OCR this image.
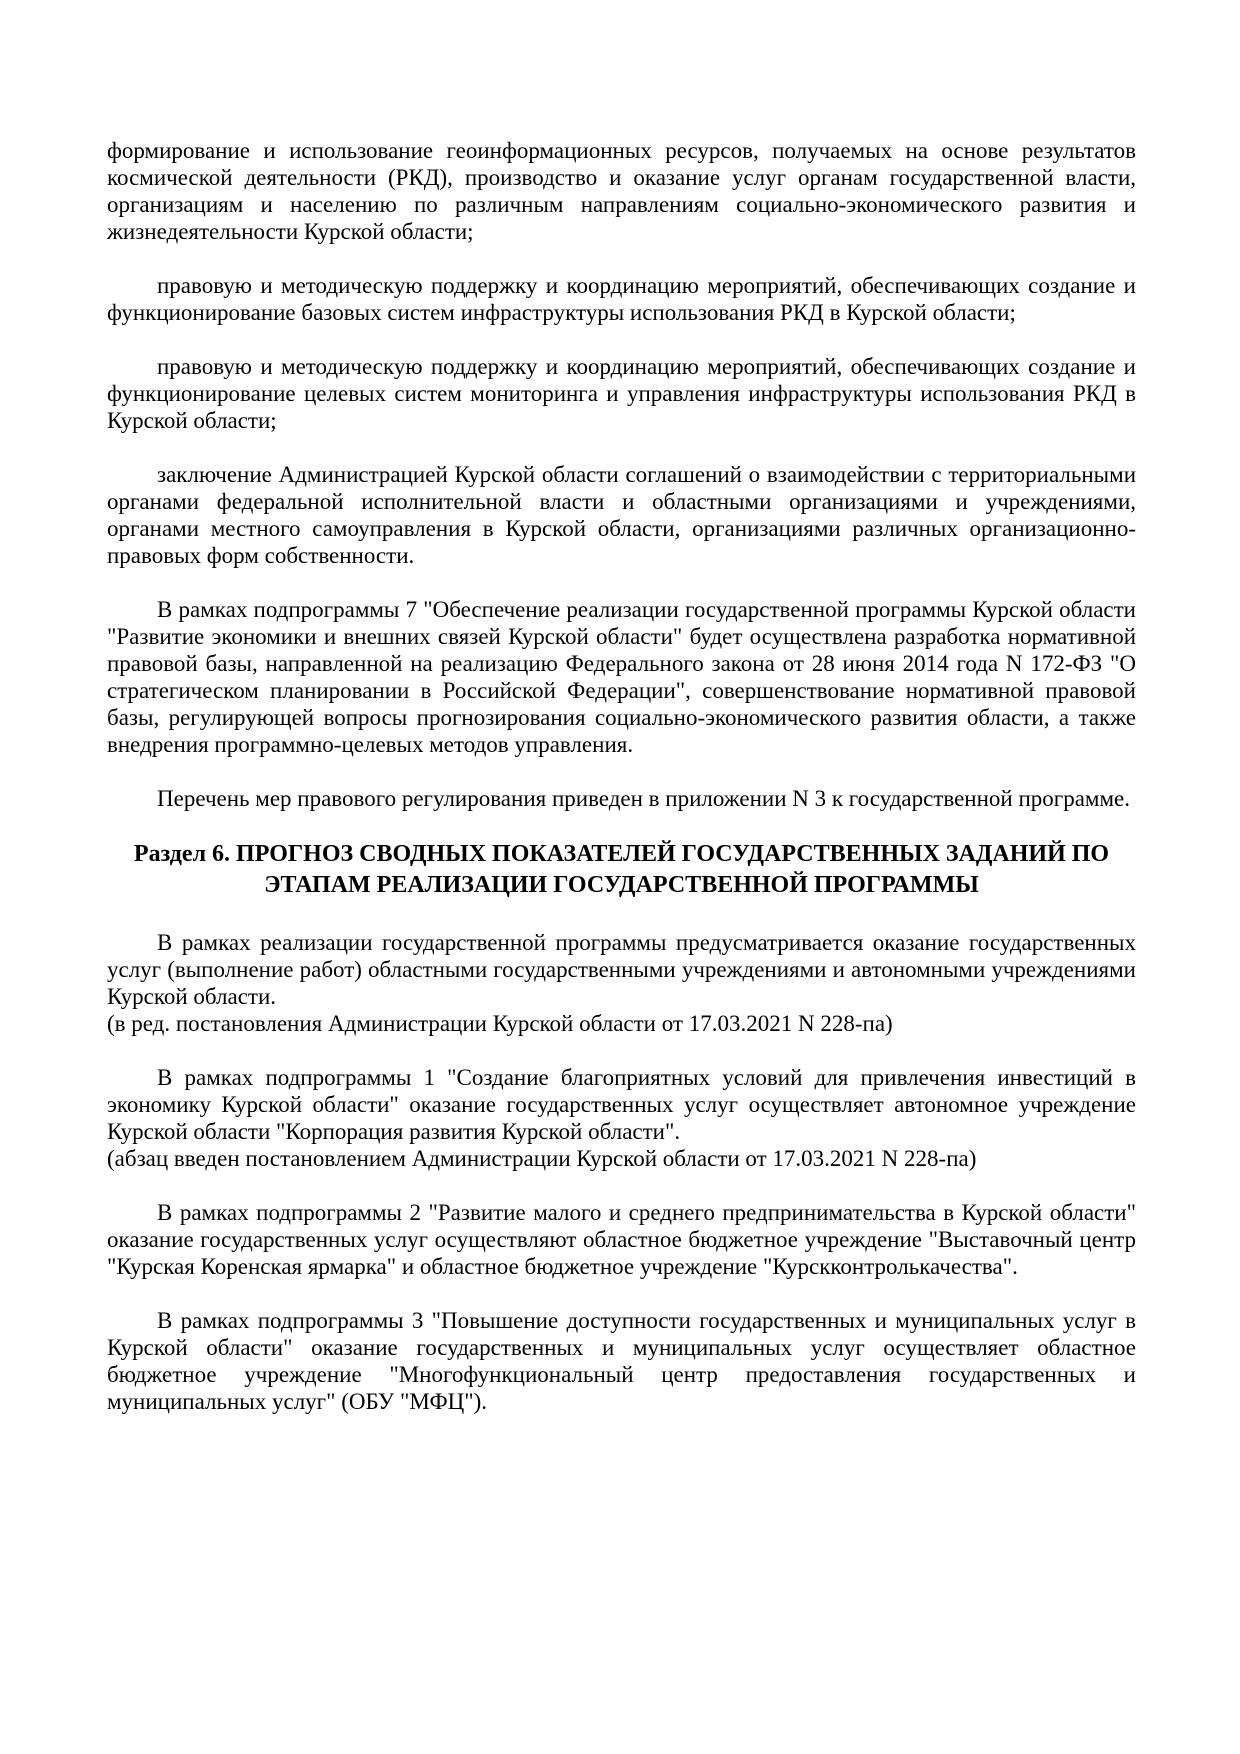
формирование и использование геоинформационных ресурсов, получаемых на основе результатов космической деятельности (РКД), производство и оказание услуг органам государственной власти, организациям и населению по различным направлениям социально-экономического развития и жизнедеятельности Курской области;

правовую и методическую поддержку и координацию мероприятий, обеспечивающих создание и функционирование базовых систем инфраструктуры использования РКД в Курской области;

правовую и методическую поддержку и координацию мероприятий, обеспечивающих создание и функционирование целевых систем мониторинга и управления инфраструктуры использования РКД в Курской области;

заключение Администрацией Курской области соглашений о взаимодействии с территориальными органами федеральной исполнительной власти и областными организациями и учреждениями, органами местного самоуправления в Курской области, организациями различных организационно-правовых форм собственности.

В рамках подпрограммы 7 "Обеспечение реализации государственной программы Курской области "Развитие экономики и внешних связей Курской области" будет осуществлена разработка нормативной правовой базы, направленной на реализацию Федерального закона от 28 июня 2014 года N 172-ФЗ "О стратегическом планировании в Российской Федерации", совершенствование нормативной правовой базы, регулирующей вопросы прогнозирования социально-экономического развития области, а также внедрения программно-целевых методов управления.

Перечень мер правового регулирования приведен в приложении N 3 к государственной программе.

Раздел 6. ПРОГНОЗ СВОДНЫХ ПОКАЗАТЕЛЕЙ ГОСУДАРСТВЕННЫХ ЗАДАНИЙ ПО ЭТАПАМ РЕАЛИЗАЦИИ ГОСУДАРСТВЕННОЙ ПРОГРАММЫ

В рамках реализации государственной программы предусматривается оказание государственных услуг (выполнение работ) областными государственными учреждениями и автономными учреждениями Курской области.

(в ред. постановления Администрации Курской области от 17.03.2021 N 228-па)

В рамках подпрограммы 1 "Создание благоприятных условий для привлечения инвестиций в экономику Курской области" оказание государственных услуг осуществляет автономное учреждение Курской области "Корпорация развития Курской области".

(абзац введен постановлением Администрации Курской области от 17.03.2021 N 228-па)

В рамках подпрограммы 2 "Развитие малого и среднего предпринимательства в Курской области" оказание государственных услуг осуществляют областное бюджетное учреждение "Выставочный центр "Курская Коренская ярмарка" и областное бюджетное учреждение "Курскконтролькачества".

В рамках подпрограммы 3 "Повышение доступности государственных и муниципальных услуг в Курской области" оказание государственных и муниципальных услуг осуществляет областное бюджетное учреждение "Многофункциональный центр предоставления государственных и муниципальных услуг" (ОБУ "МФЦ").
